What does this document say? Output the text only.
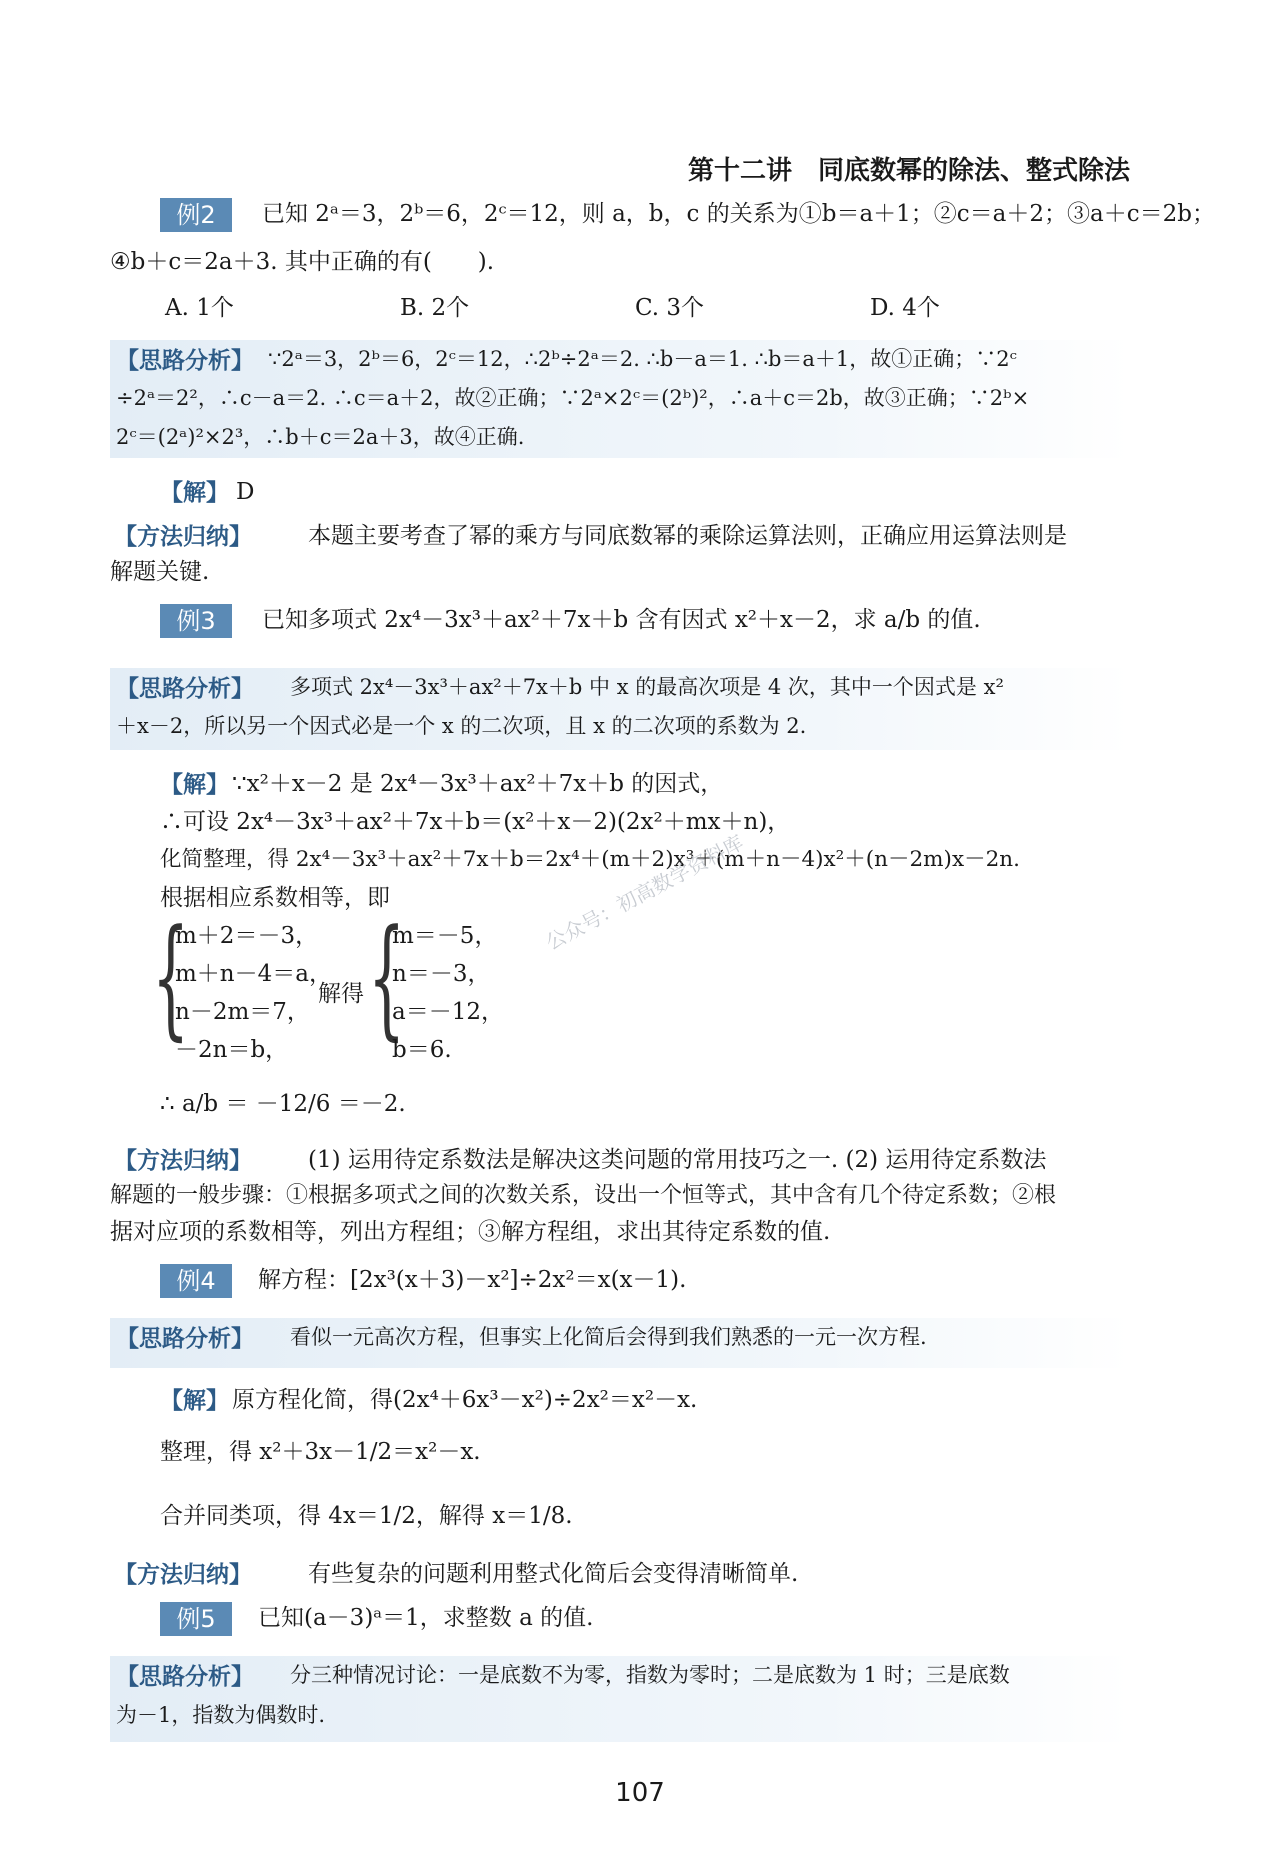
第十二讲　同底数幂的除法、整式除法
例2	已知 2ᵃ＝3，2ᵇ＝6，2ᶜ＝12，则 a，b，c 的关系为①b＝a＋1；②c＝a＋2；③a＋c＝2b；
④b＋c＝2a＋3. 其中正确的有(　　).
A. 1个	B. 2个	C. 3个	D. 4个
【思路分析】 ∵2ᵃ＝3，2ᵇ＝6，2ᶜ＝12，∴2ᵇ÷2ᵃ＝2. ∴b－a＝1. ∴b＝a＋1，故①正确；∵2ᶜ
÷2ᵃ＝2²，∴c－a＝2. ∴c＝a＋2，故②正确；∵2ᵃ×2ᶜ＝(2ᵇ)²，∴a＋c＝2b，故③正确；∵2ᵇ×
2ᶜ＝(2ᵃ)²×2³，∴b＋c＝2a＋3，故④正确.
【解】 D
【方法归纳】 本题主要考查了幂的乘方与同底数幂的乘除运算法则，正确应用运算法则是
解题关键.
例3	已知多项式 2x⁴－3x³＋ax²＋7x＋b 含有因式 x²＋x－2，求 a/b 的值.
【思路分析】 多项式 2x⁴－3x³＋ax²＋7x＋b 中 x 的最高次项是 4 次，其中一个因式是 x²
＋x－2，所以另一个因式必是一个 x 的二次项，且 x 的二次项的系数为 2.
【解】 ∵x²＋x－2 是 2x⁴－3x³＋ax²＋7x＋b 的因式，
∴可设 2x⁴－3x³＋ax²＋7x＋b＝(x²＋x－2)(2x²＋mx＋n)，
化简整理，得 2x⁴－3x³＋ax²＋7x＋b＝2x⁴＋(m＋2)x³＋(m＋n－4)x²＋(n－2m)x－2n.
根据相应系数相等，即
{
m＋2＝－3，
m＋n－4＝a，
n－2m＝7，
－2n＝b，
解得 {
m＝－5，
n＝－3，
a＝－12，
b＝6.
公众号：初高数学资料库
∴ a/b ＝ －12/6 ＝－2.
【方法归纳】 (1) 运用待定系数法是解决这类问题的常用技巧之一. (2) 运用待定系数法
解题的一般步骤：①根据多项式之间的次数关系，设出一个恒等式，其中含有几个待定系数；②根
据对应项的系数相等，列出方程组；③解方程组，求出其待定系数的值.
例4	解方程：[2x³(x＋3)－x²]÷2x²＝x(x－1).
【思路分析】 看似一元高次方程，但事实上化简后会得到我们熟悉的一元一次方程.
【解】 原方程化简，得(2x⁴＋6x³－x²)÷2x²＝x²－x.
整理，得 x²＋3x－1/2＝x²－x.
合并同类项，得 4x＝1/2，解得 x＝1/8.
【方法归纳】 有些复杂的问题利用整式化简后会变得清晰简单.
例5	已知(a－3)ᵃ＝1，求整数 a 的值.
【思路分析】 分三种情况讨论：一是底数不为零，指数为零时；二是底数为 1 时；三是底数
为－1，指数为偶数时.
107
